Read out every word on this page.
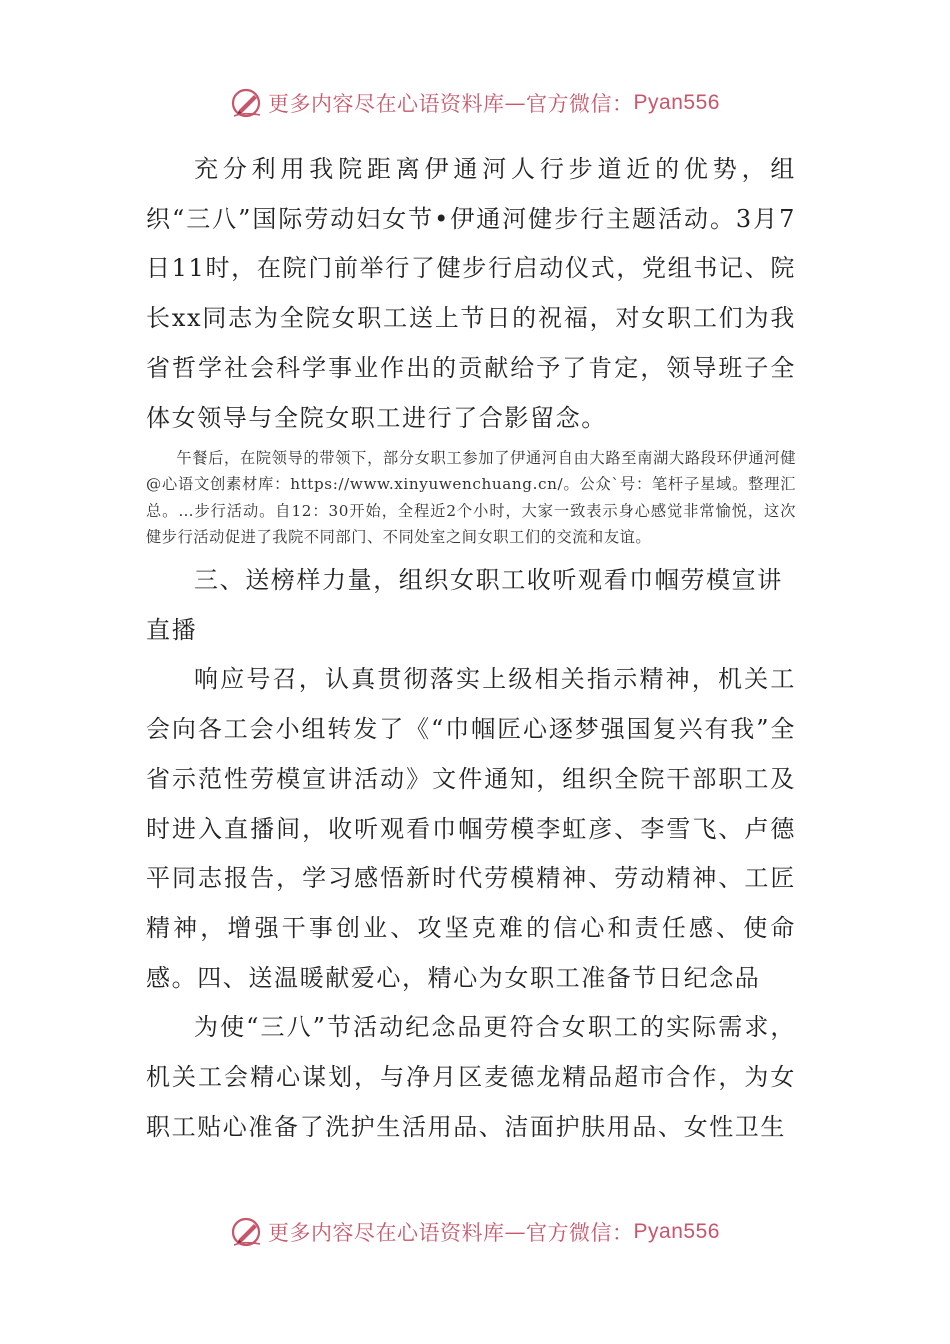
更多内容尽在心语资料库 — 官方微信： Pyan556

充分利用我院距离伊通河人行步道近的优势，组织“三八”国际劳动妇女节•伊通河健步行主题活动。3月7日11时，在院门前举行了健步行启动仪式，党组书记、院长xx同志为全院女职工送上节日的祝福，对女职工们为我省哲学社会科学事业作出的贡献给予了肯定，领导班子全体女领导与全院女职工进行了合影留念。

午餐后，在院领导的带领下，部分女职工参加了伊通河自由大路至南湖大路段环伊通河健@心语文创素材库：https://www.xinyuwenchuang.cn/。公众`号：笔杆子星域。整理汇总。…步行活动。自12：30开始，全程近2个小时，大家一致表示身心感觉非常愉悦，这次健步行活动促进了我院不同部门、不同处室之间女职工们的交流和友谊。

三、送榜样力量，组织女职工收听观看巾帼劳模宣讲直播

响应号召，认真贯彻落实上级相关指示精神，机关工会向各工会小组转发了《“巾帼匠心逐梦强国复兴有我”全省示范性劳模宣讲活动》文件通知，组织全院干部职工及时进入直播间，收听观看巾帼劳模李虹彦、李雪飞、卢德平同志报告，学习感悟新时代劳模精神、劳动精神、工匠精神，增强干事创业、攻坚克难的信心和责任感、使命感。四、送温暖献爱心，精心为女职工准备节日纪念品

为使“三八”节活动纪念品更符合女职工的实际需求，机关工会精心谋划，与净月区麦德龙精品超市合作，为女职工贴心准备了洗护生活用品、洁面护肤用品、女性卫生

更多内容尽在心语资料库 — 官方微信： Pyan556
